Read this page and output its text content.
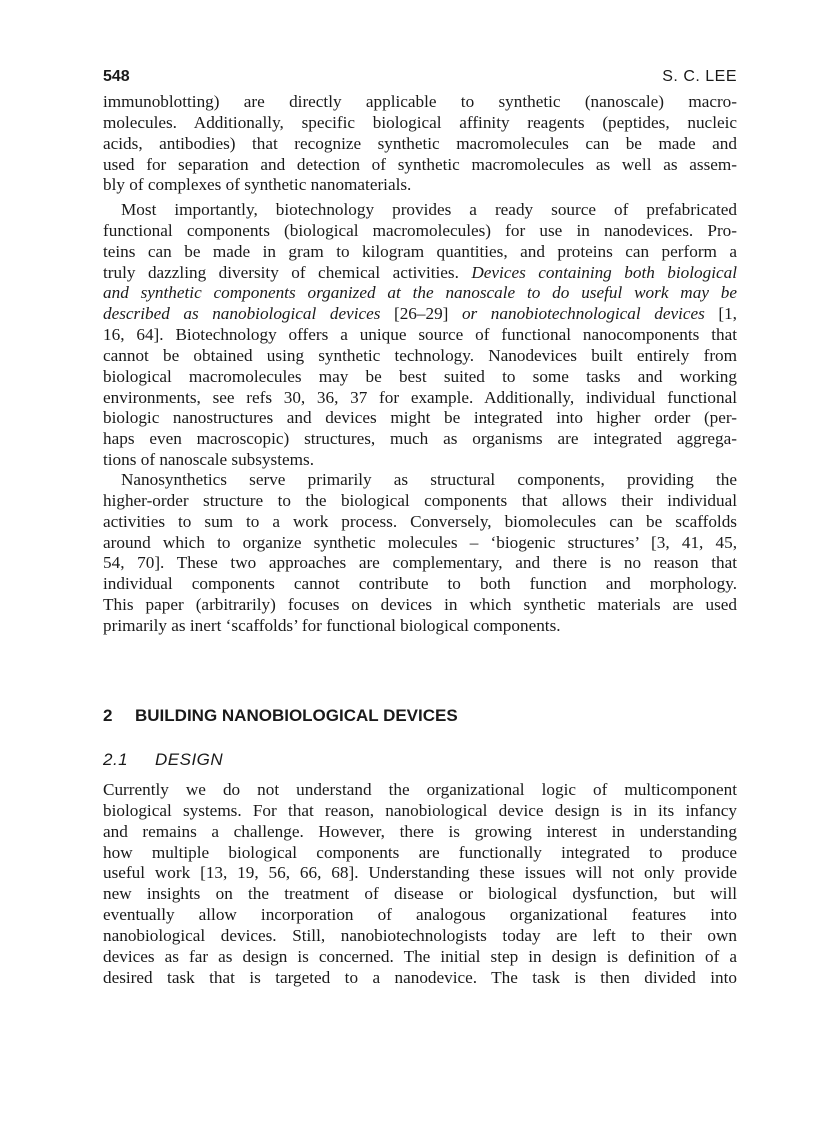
548	S. C. LEE
immunoblotting) are directly applicable to synthetic (nanoscale) macro-
molecules. Additionally, specific biological affinity reagents (peptides, nucleic
acids, antibodies) that recognize synthetic macromolecules can be made and
used for separation and detection of synthetic macromolecules as well as assem-
bly of complexes of synthetic nanomaterials.
Most importantly, biotechnology provides a ready source of prefabricated
functional components (biological macromolecules) for use in nanodevices. Pro-
teins can be made in gram to kilogram quantities, and proteins can perform a
truly dazzling diversity of chemical activities. Devices containing both biological
and synthetic components organized at the nanoscale to do useful work may be
described as nanobiological devices [26–29] or nanobiotechnological devices [1,
16, 64]. Biotechnology offers a unique source of functional nanocomponents that
cannot be obtained using synthetic technology. Nanodevices built entirely from
biological macromolecules may be best suited to some tasks and working
environments, see refs 30, 36, 37 for example. Additionally, individual functional
biologic nanostructures and devices might be integrated into higher order (per-
haps even macroscopic) structures, much as organisms are integrated aggrega-
tions of nanoscale subsystems.
Nanosynthetics serve primarily as structural components, providing the
higher-order structure to the biological components that allows their individual
activities to sum to a work process. Conversely, biomolecules can be scaffolds
around which to organize synthetic molecules – ‘biogenic structures’ [3, 41, 45,
54, 70]. These two approaches are complementary, and there is no reason that
individual components cannot contribute to both function and morphology.
This paper (arbitrarily) focuses on devices in which synthetic materials are used
primarily as inert ‘scaffolds’ for functional biological components.
2 BUILDING NANOBIOLOGICAL DEVICES
2.1 DESIGN
Currently we do not understand the organizational logic of multicomponent
biological systems. For that reason, nanobiological device design is in its infancy
and remains a challenge. However, there is growing interest in understanding
how multiple biological components are functionally integrated to produce
useful work [13, 19, 56, 66, 68]. Understanding these issues will not only provide
new insights on the treatment of disease or biological dysfunction, but will
eventually allow incorporation of analogous organizational features into
nanobiological devices. Still, nanobiotechnologists today are left to their own
devices as far as design is concerned. The initial step in design is definition of a
desired task that is targeted to a nanodevice. The task is then divided into
